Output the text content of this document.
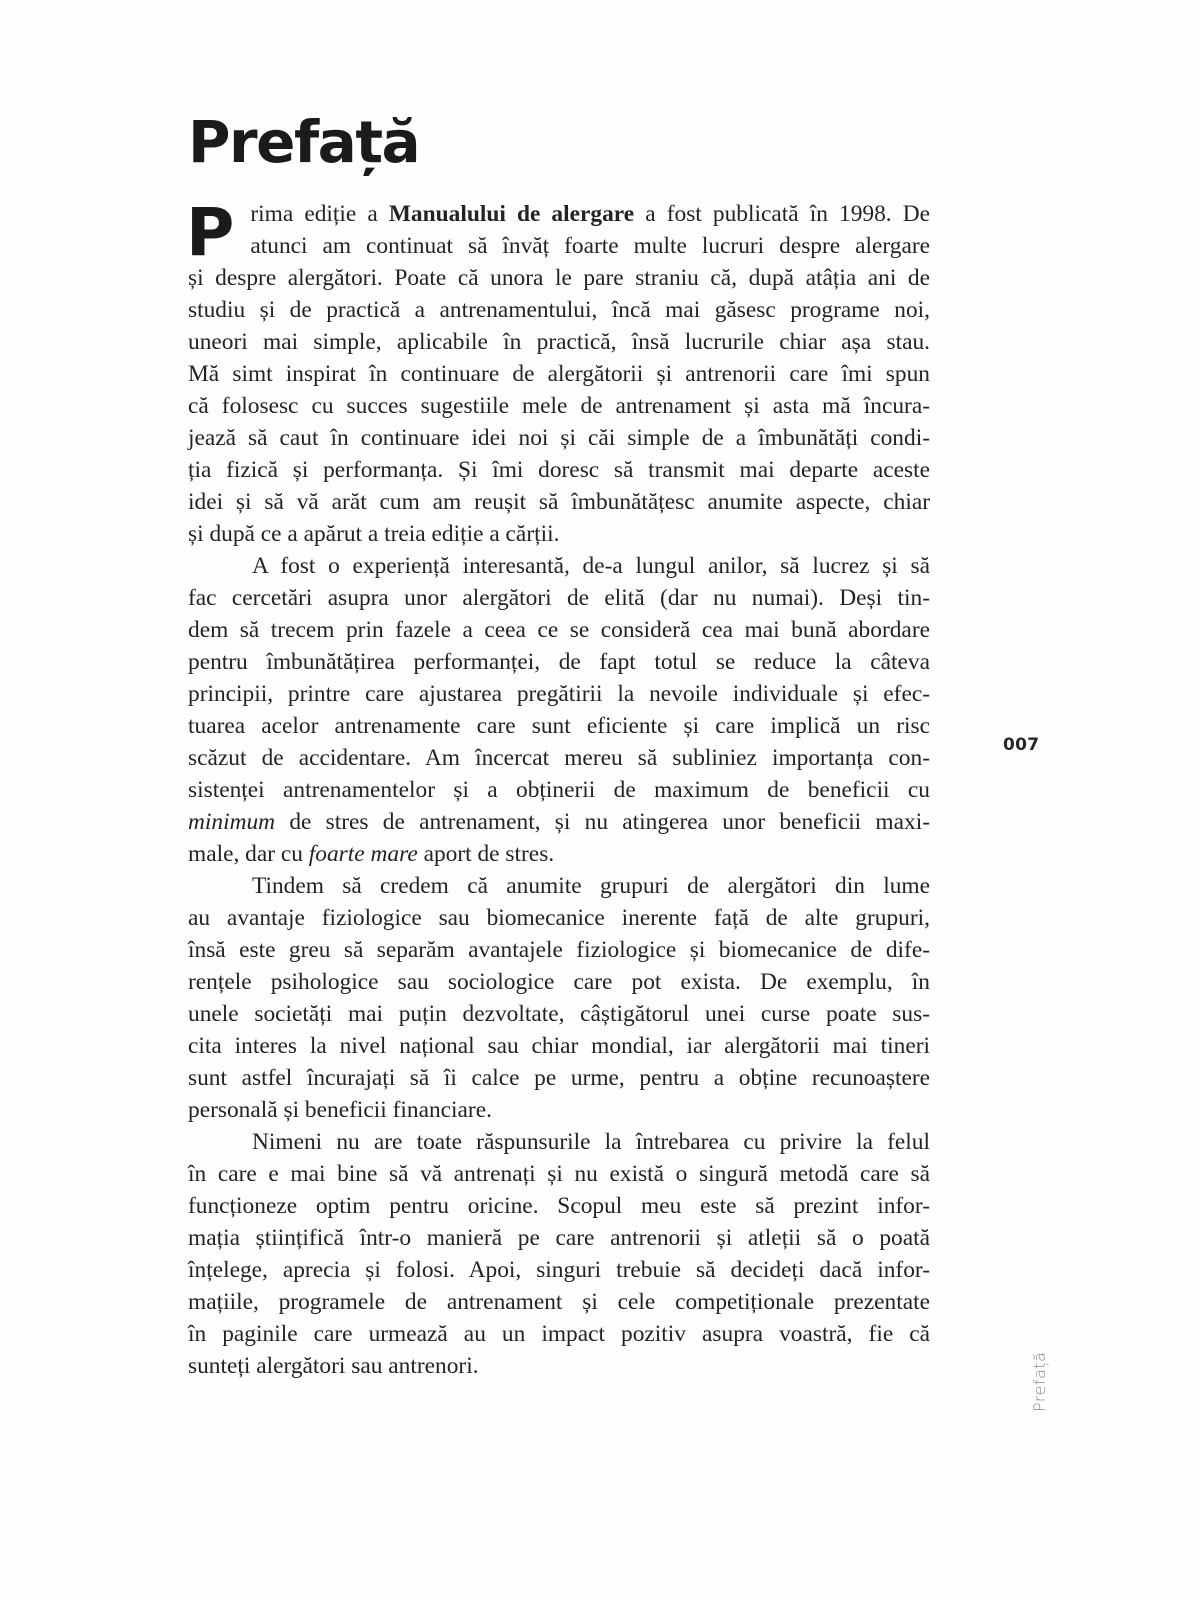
Prefață
P rima ediție a Manualului de alergare a fost publicată în 1998. De
atunci am continuat să învăț foarte multe lucruri despre alergare
și despre alergători. Poate că unora le pare straniu că, după atâția ani de
studiu și de practică a antrenamentului, încă mai găsesc programe noi,
uneori mai simple, aplicabile în practică, însă lucrurile chiar așa stau.
Mă simt inspirat în continuare de alergătorii și antrenorii care îmi spun
că folosesc cu succes sugestiile mele de antrenament și asta mă încura-
jează să caut în continuare idei noi și căi simple de a îmbunătăți condi-
ția fizică și performanța. Și îmi doresc să transmit mai departe aceste
idei și să vă arăt cum am reușit să îmbunătățesc anumite aspecte, chiar
și după ce a apărut a treia ediție a cărții.
A fost o experiență interesantă, de-a lungul anilor, să lucrez și să
fac cercetări asupra unor alergători de elită (dar nu numai). Deși tin-
dem să trecem prin fazele a ceea ce se consideră cea mai bună abordare
pentru îmbunătățirea performanței, de fapt totul se reduce la câteva
principii, printre care ajustarea pregătirii la nevoile individuale și efec-
tuarea acelor antrenamente care sunt eficiente și care implică un risc
scăzut de accidentare. Am încercat mereu să subliniez importanța con-
sistenței antrenamentelor și a obținerii de maximum de beneficii cu
minimum de stres de antrenament, și nu atingerea unor beneficii maxi-
male, dar cu foarte mare aport de stres.
Tindem să credem că anumite grupuri de alergători din lume
au avantaje fiziologice sau biomecanice inerente față de alte grupuri,
însă este greu să separăm avantajele fiziologice și biomecanice de dife-
rențele psihologice sau sociologice care pot exista. De exemplu, în
unele societăți mai puțin dezvoltate, câștigătorul unei curse poate sus-
cita interes la nivel național sau chiar mondial, iar alergătorii mai tineri
sunt astfel încurajați să îi calce pe urme, pentru a obține recunoaștere
personală și beneficii financiare.
Nimeni nu are toate răspunsurile la întrebarea cu privire la felul
în care e mai bine să vă antrenați și nu există o singură metodă care să
funcționeze optim pentru oricine. Scopul meu este să prezint infor-
mația științifică într-o manieră pe care antrenorii și atleții să o poată
înțelege, aprecia și folosi. Apoi, singuri trebuie să decideți dacă infor-
mațiile, programele de antrenament și cele competiționale prezentate
în paginile care urmează au un impact pozitiv asupra voastră, fie că
sunteți alergători sau antrenori.
007
Prefață
